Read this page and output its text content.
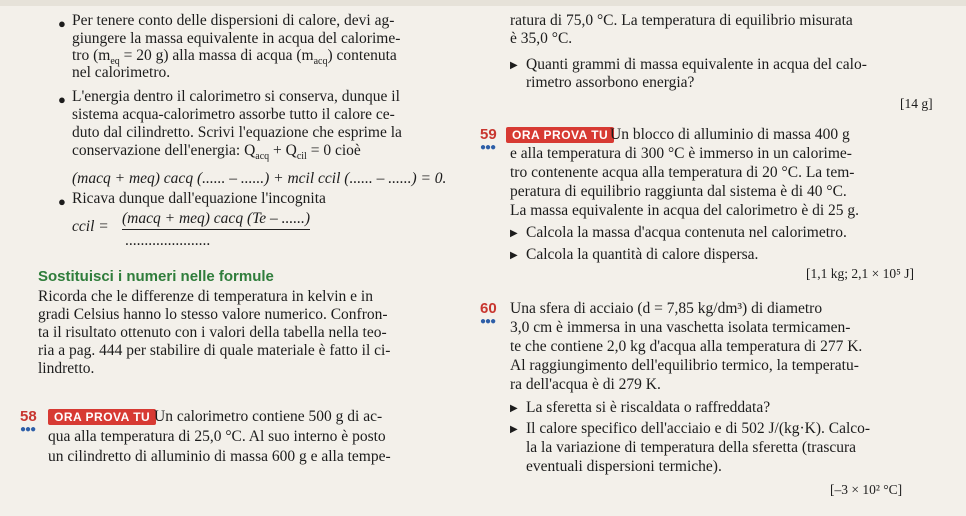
● Per tenere conto delle dispersioni di calore, devi ag-
giungere la massa equivalente in acqua del calorime-
tro ($m_{eq} = 20$ g) alla massa di acqua $(m_{acq})$ contenuta
nel calorimetro.
● L'energia dentro il calorimetro si conserva, dunque il
sistema acqua-calorimetro assorbe tutto il calore ce-
duto dal cilindretto. Scrivi l'equazione che esprime la
conservazione dell'energia: $Q_{acq} + Q_{cil} = 0$ cioè
(macq + meq) cacq (...... – ......) + mcil ccil (...... – ......) = 0.
● Ricava dunque dall'equazione l'incognita
ccil = (macq + meq) cacq (Te – ......)
......................
Sostituisci i numeri nelle formule
Ricorda che le differenze di temperatura in kelvin e in
gradi Celsius hanno lo stesso valore numerico. Confron-
ta il risultato ottenuto con i valori della tabella nella teo-
ria a pag. 444 per stabilire di quale materiale è fatto il ci-
lindretto.
58
●●●
ORA PROVA TU Un calorimetro contiene 500 g di ac-
qua alla temperatura di 25,0 °C. Al suo interno è posto
un cilindretto di alluminio di massa 600 g e alla tempe-
ratura di 75,0 °C. La temperatura di equilibrio misurata
è 35,0 °C.
▶ Quanti grammi di massa equivalente in acqua del calo-
rimetro assorbono energia?
[14 g]
59
●●●
ORA PROVA TU Un blocco di alluminio di massa 400 g
e alla temperatura di 300 °C è immerso in un calorime-
tro contenente acqua alla temperatura di 20 °C. La tem-
peratura di equilibrio raggiunta dal sistema è di 40 °C.
La massa equivalente in acqua del calorimetro è di 25 g.
▶ Calcola la massa d'acqua contenuta nel calorimetro.
▶ Calcola la quantità di calore dispersa.
[1,1 kg; 2,1 × 10⁵ J]
60
●●●
Una sfera di acciaio (d = 7,85 kg/dm³) di diametro
3,0 cm è immersa in una vaschetta isolata termicamen-
te che contiene 2,0 kg d'acqua alla temperatura di 277 K.
Al raggiungimento dell'equilibrio termico, la temperatu-
ra dell'acqua è di 279 K.
▶ La sferetta si è riscaldata o raffreddata?
▶ Il calore specifico dell'acciaio e di 502 J/(kg·K). Calco-
la la variazione di temperatura della sferetta (trascura
eventuali dispersioni termiche).
[–3 × 10² °C]
